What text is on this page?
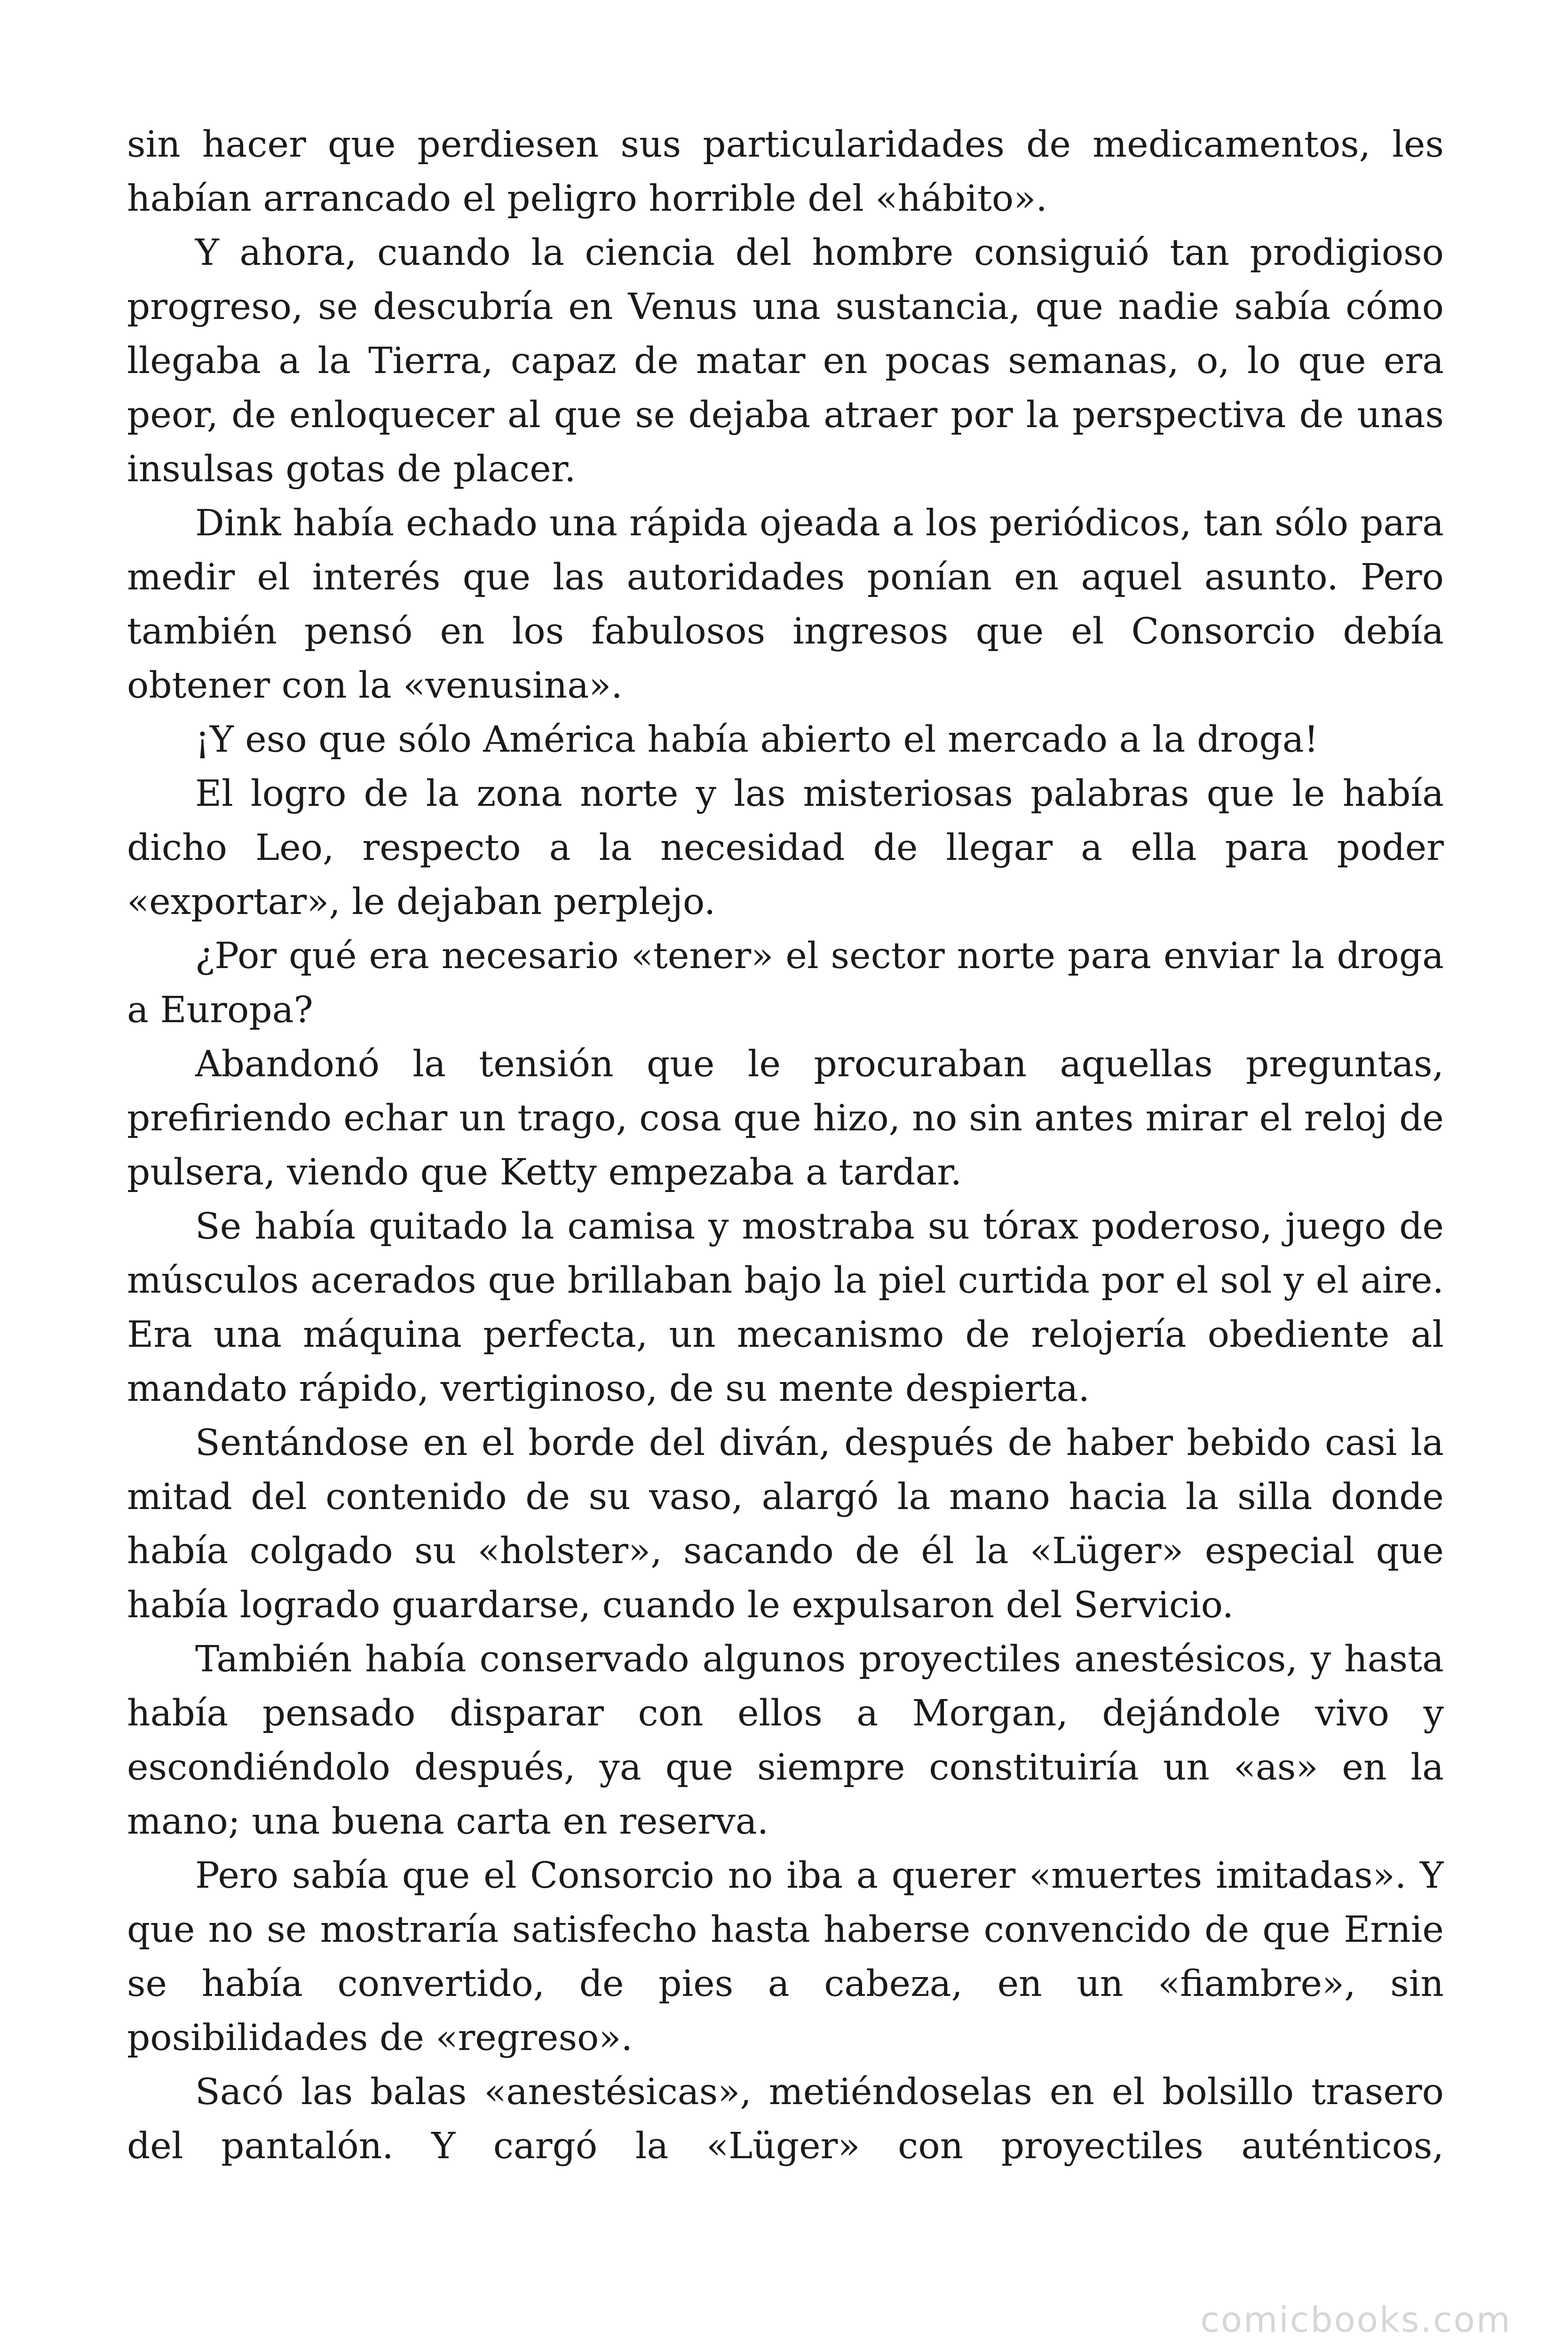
sin hacer que perdiesen sus particularidades de medicamentos, les habían arrancado el peligro horrible del «hábito».

Y ahora, cuando la ciencia del hombre consiguió tan prodigioso progreso, se descubría en Venus una sustancia, que nadie sabía cómo llegaba a la Tierra, capaz de matar en pocas semanas, o, lo que era peor, de enloquecer al que se dejaba atraer por la perspectiva de unas insulsas gotas de placer.

Dink había echado una rápida ojeada a los periódicos, tan sólo para medir el interés que las autoridades ponían en aquel asunto. Pero también pensó en los fabulosos ingresos que el Consorcio debía obtener con la «venusina».

¡Y eso que sólo América había abierto el mercado a la droga!

El logro de la zona norte y las misteriosas palabras que le había dicho Leo, respecto a la necesidad de llegar a ella para poder «exportar», le dejaban perplejo.

¿Por qué era necesario «tener» el sector norte para enviar la droga a Europa?

Abandonó la tensión que le procuraban aquellas preguntas, prefiriendo echar un trago, cosa que hizo, no sin antes mirar el reloj de pulsera, viendo que Ketty empezaba a tardar.

Se había quitado la camisa y mostraba su tórax poderoso, juego de músculos acerados que brillaban bajo la piel curtida por el sol y el aire. Era una máquina perfecta, un mecanismo de relojería obediente al mandato rápido, vertiginoso, de su mente despierta.

Sentándose en el borde del diván, después de haber bebido casi la mitad del contenido de su vaso, alargó la mano hacia la silla donde había colgado su «holster», sacando de él la «Lüger» especial que había logrado guardarse, cuando le expulsaron del Servicio.

También había conservado algunos proyectiles anestésicos, y hasta había pensado disparar con ellos a Morgan, dejándole vivo y escondiéndolo después, ya que siempre constituiría un «as» en la mano; una buena carta en reserva.

Pero sabía que el Consorcio no iba a querer «muertes imitadas». Y que no se mostraría satisfecho hasta haberse convencido de que Ernie se había convertido, de pies a cabeza, en un «fiambre», sin posibilidades de «regreso».

Sacó las balas «anestésicas», metiéndoselas en el bolsillo trasero del pantalón. Y cargó la «Lüger» con proyectiles auténticos,

comicbooks.com
